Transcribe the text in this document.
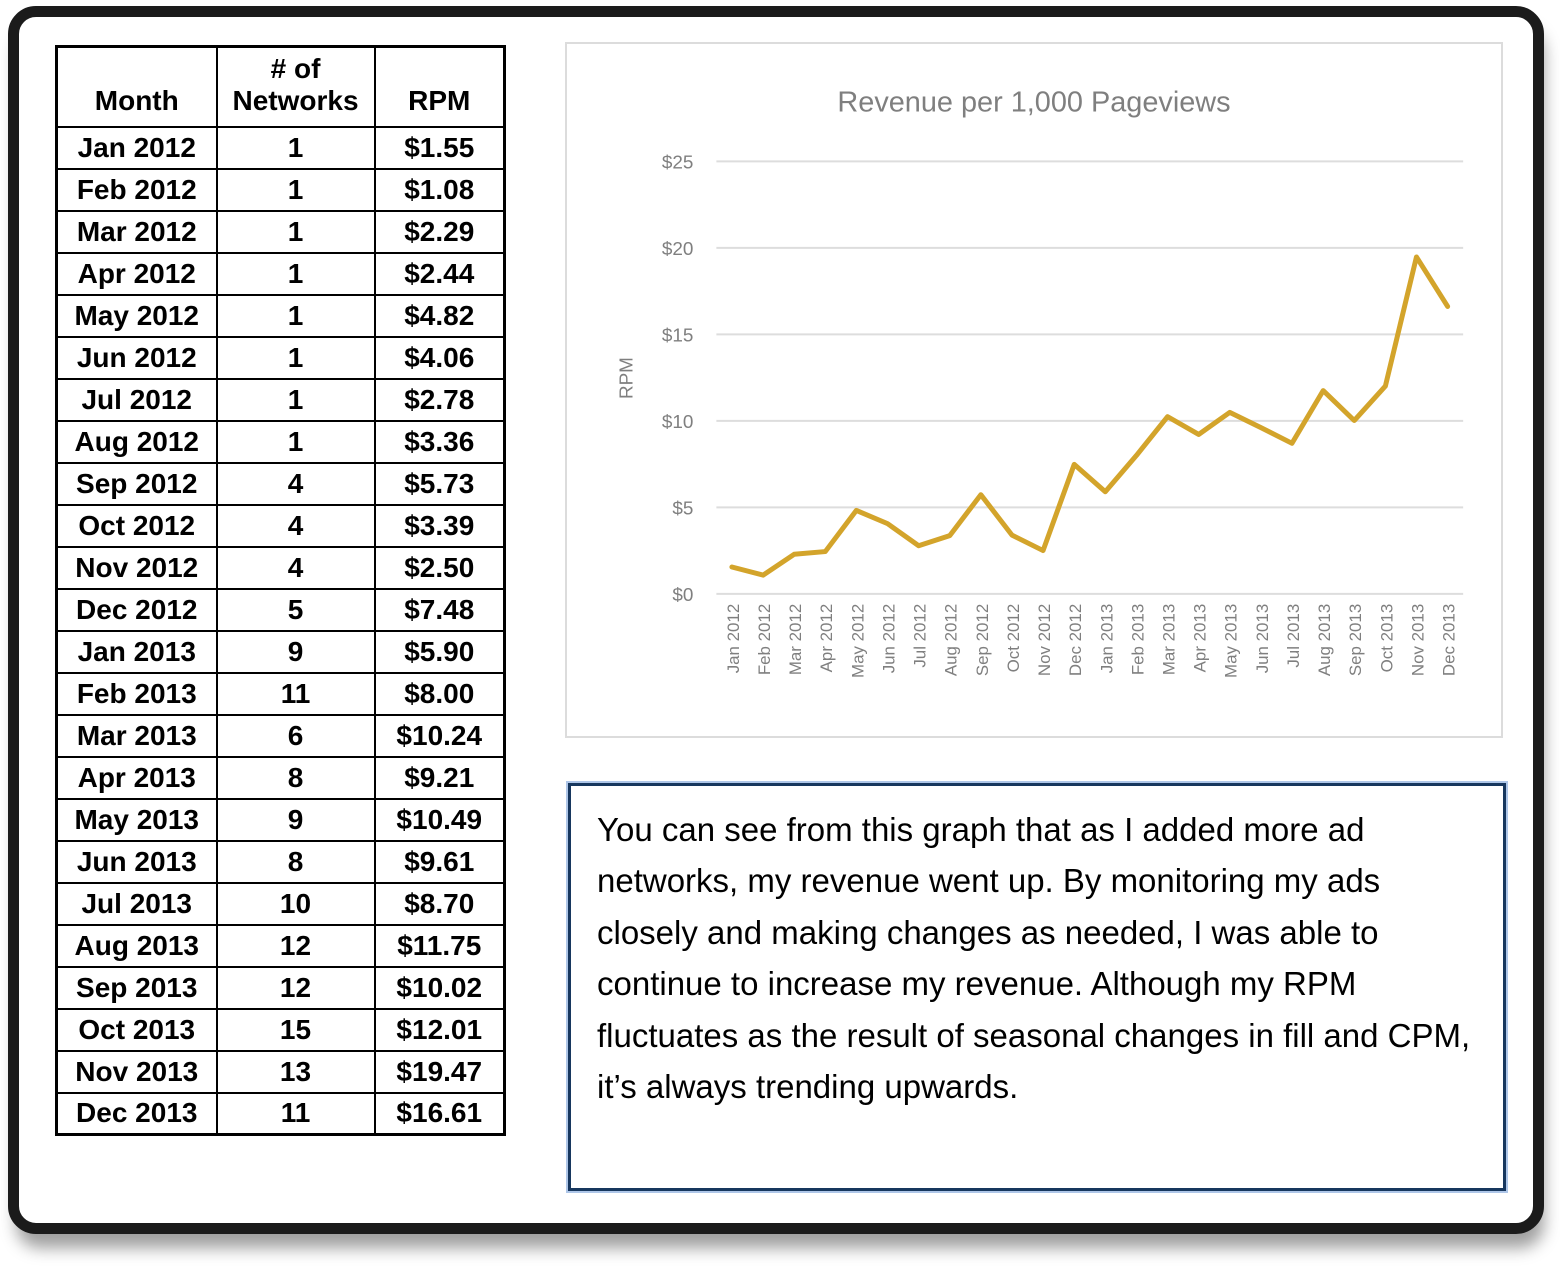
Month	# of Networks	RPM
Jan 2012	1	$1.55
Feb 2012	1	$1.08
Mar 2012	1	$2.29
Apr 2012	1	$2.44
May 2012	1	$4.82
Jun 2012	1	$4.06
Jul 2012	1	$2.78
Aug 2012	1	$3.36
Sep 2012	4	$5.73
Oct 2012	4	$3.39
Nov 2012	4	$2.50
Dec 2012	5	$7.48
Jan 2013	9	$5.90
Feb 2013	11	$8.00
Mar 2013	6	$10.24
Apr 2013	8	$9.21
May 2013	9	$10.49
Jun 2013	8	$9.61
Jul 2013	10	$8.70
Aug 2013	12	$11.75
Sep 2013	12	$10.02
Oct 2013	15	$12.01
Nov 2013	13	$19.47
Dec 2013	11	$16.61
Revenue per 1,000 Pageviews
$0
$5
$10
$15
$20
$25
RPM
Jan 2012 Feb 2012 Mar 2012 Apr 2012 May 2012 Jun 2012 Jul 2012 Aug 2012 Sep 2012 Oct 2012 Nov 2012 Dec 2012 Jan 2013 Feb 2013 Mar 2013 Apr 2013 May 2013 Jun 2013 Jul 2013 Aug 2013 Sep 2013 Oct 2013 Nov 2013 Dec 2013

You can see from this graph that as I added more ad networks, my revenue went up. By monitoring my ads closely and making changes as needed, I was able to continue to increase my revenue. Although my RPM fluctuates as the result of seasonal changes in fill and CPM, it’s always trending upwards.
